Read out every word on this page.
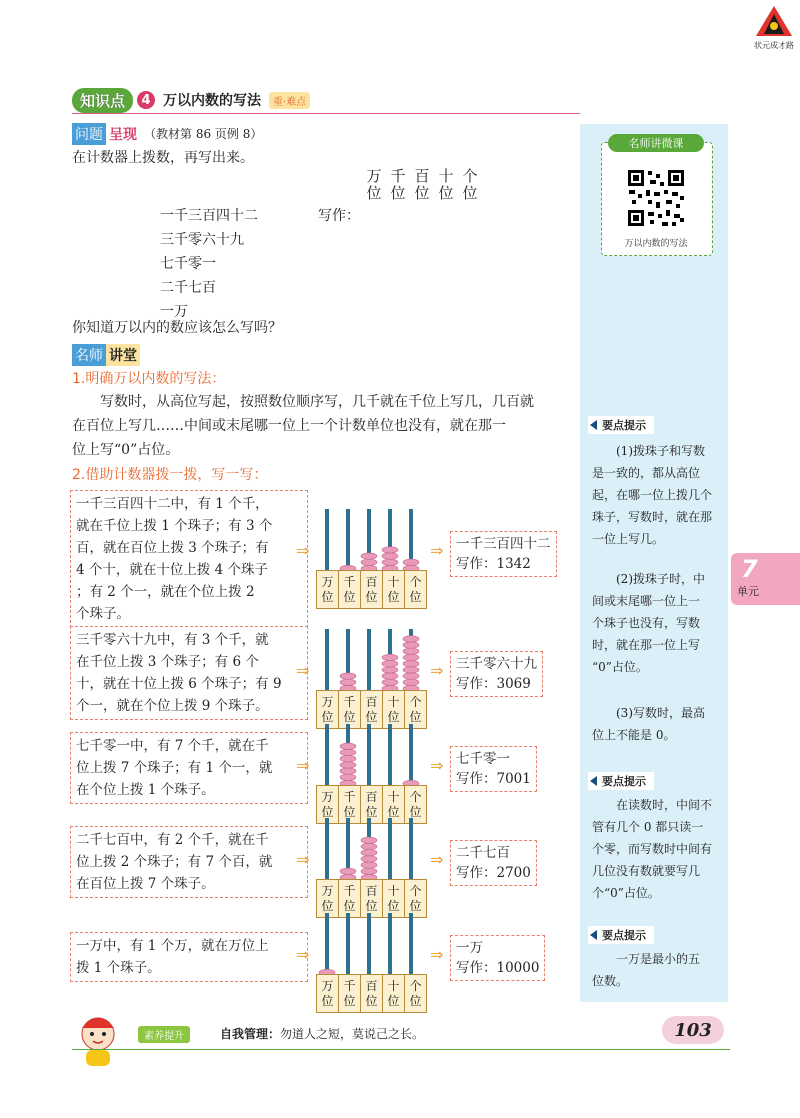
状元成才路
知识点	4 万以内数的写法	重·难点
问题 呈现 （教材第 86 页例 8）
在计数器上拨数，再写出来。
万
位
千
位
百
位
十
位
个
位
一千三百四十二
三千零六十九
七千零一
二千七百
一万
写作：
你知道万以内的数应该怎么写吗？
名师 讲堂
1.明确万以内数的写法：
写数时，从高位写起，按照数位顺序写，几千就在千位上写几，几百就
在百位上写几……中间或末尾哪一位上一个计数单位也没有，就在那一
位上写“0”占位。
2.借助计数器拨一拨，写一写：
一千三百四十二中，有 1 个千，
就在千位上拨 1 个珠子；有 3 个
百，就在百位上拨 3 个珠子；有
4 个十，就在十位上拨 4 个珠子
；有 2 个一，就在个位上拨 2
个珠子。
⇒
万
位
千
位
百
位
十
位
个
位
⇒ 一千三百四十二
写作：1342
三千零六十九中，有 3 个千，就
在千位上拨 3 个珠子；有 6 个
十，就在十位上拨 6 个珠子；有 9
个一，就在个位上拨 9 个珠子。
⇒
万
位
千
位
百
位
十
位
个
位
⇒ 三千零六十九
写作：3069
七千零一中，有 7 个千，就在千
位上拨 7 个珠子；有 1 个一，就
在个位上拨 1 个珠子。
⇒
万
位
千
位
百
位
十
位
个
位
⇒ 七千零一
写作：7001
二千七百中，有 2 个千，就在千
位上拨 2 个珠子；有 7 个百，就
在百位上拨 7 个珠子。
⇒
万
位
千
位
百
位
十
位
个
位
⇒ 二千七百
写作：2700
一万中，有 1 个万，就在万位上
拨 1 个珠子。
⇒
万
位
千
位
百
位
十
位
个
位
⇒ 一万
写作：10000
名师讲微课
万以内数的写法
要点提示
(1)拨珠子和写数
是一致的，都从高位
起，在哪一位上拨几个
珠子，写数时，就在那
一位上写几。
(2)拨珠子时，中
间或末尾哪一位上一
个珠子也没有，写数
时，就在那一位上写
“0”占位。
(3)写数时，最高
位上不能是 0。
要点提示
在读数时，中间不
管有几个 0 都只读一
个零，而写数时中间有
几位没有数就要写几
个“0”占位。
要点提示
一万是最小的五
位数。
7
单元
素养提升	自我管理：勿道人之短，莫说己之长。	103
